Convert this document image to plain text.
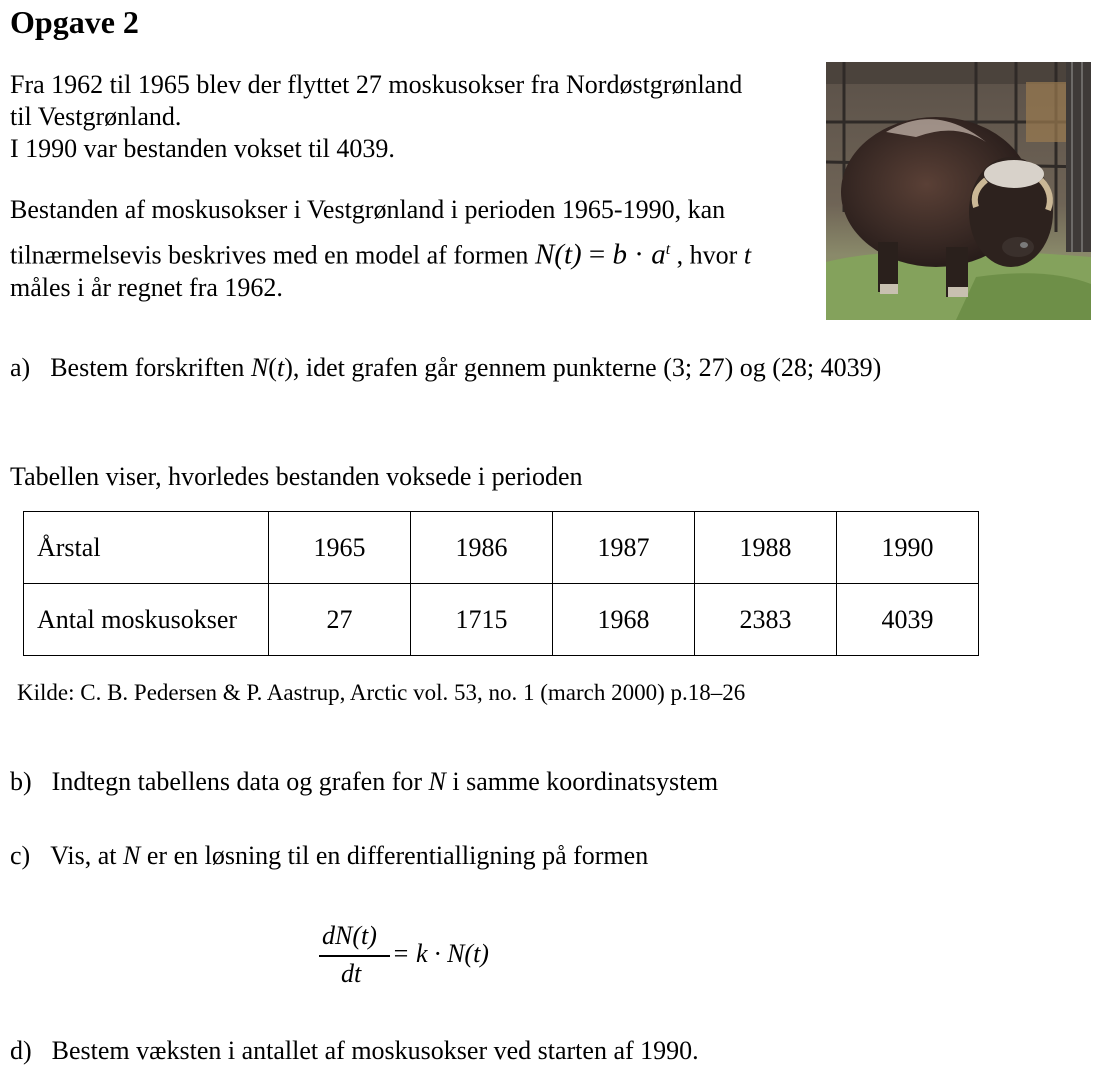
Opgave 2
Fra 1962 til 1965 blev der flyttet 27 moskusokser fra Nordøstgrønland
til Vestgrønland.
I 1990 var bestanden vokset til 4039.
Bestanden af moskusokser i Vestgrønland i perioden 1965-1990, kan
tilnærmelsevis beskrives med en model af formen $N(t) = b \cdot a^t$ , hvor t
måles i år regnet fra 1962.
a) Bestem forskriften N(t), idet grafen går gennem punkterne (3; 27) og (28; 4039)
Tabellen viser, hvorledes bestanden voksede i perioden
Årstal	1965	1986	1987	1988	1990
Antal moskusokser	27	1715	1968	2383	4039
Kilde: C. B. Pedersen & P. Aastrup, Arctic vol. 53, no. 1 (march 2000) p.18–26
b) Indtegn tabellens data og grafen for N i samme koordinatsystem
c) Vis, at N er en løsning til en differentialligning på formen
dN(t)
dt
= k · N(t)
d) Bestem væksten i antallet af moskusokser ved starten af 1990.
